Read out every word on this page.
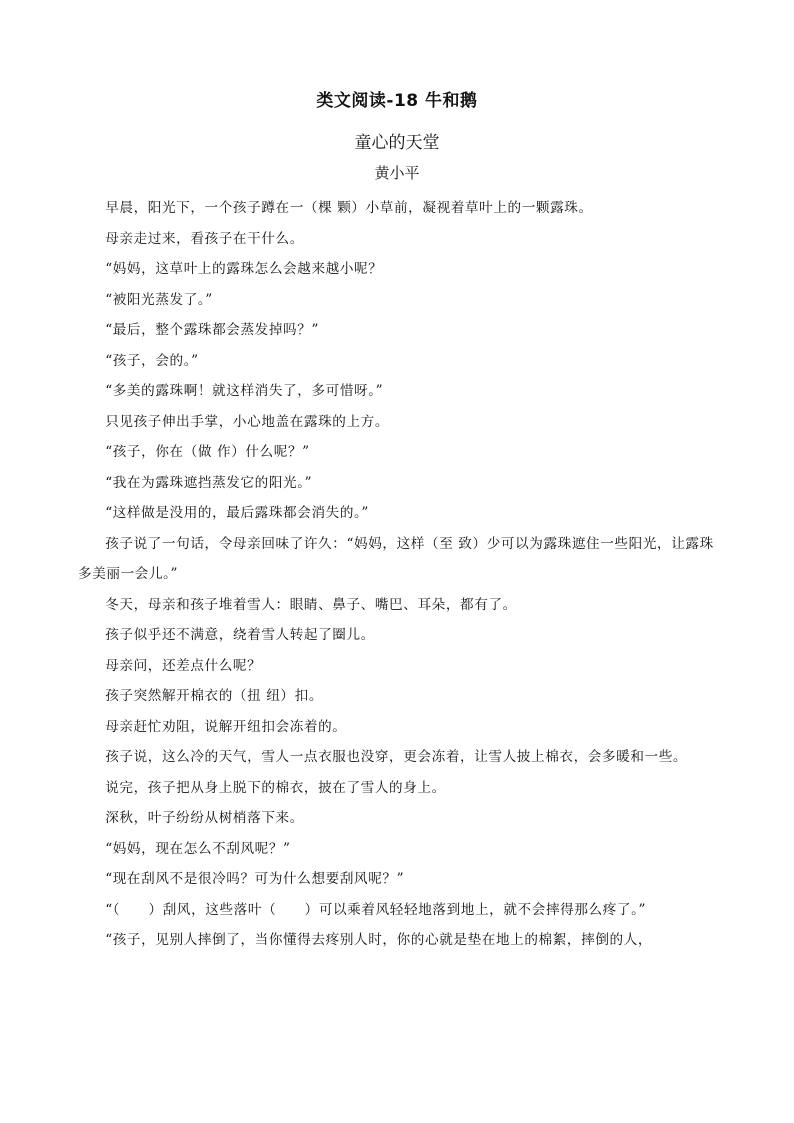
类文阅读-18 牛和鹅
童心的天堂
黄小平

早晨，阳光下，一个孩子蹲在一（棵 颗）小草前，凝视着草叶上的一颗露珠。

母亲走过来，看孩子在干什么。

“妈妈，这草叶上的露珠怎么会越来越小呢？

“被阳光蒸发了。”

“最后，整个露珠都会蒸发掉吗？”

“孩子，会的。”

“多美的露珠啊！就这样消失了，多可惜呀。”

只见孩子伸出手掌，小心地盖在露珠的上方。

“孩子，你在（做 作）什么呢？”

“我在为露珠遮挡蒸发它的阳光。”

“这样做是没用的，最后露珠都会消失的。”

孩子说了一句话，令母亲回味了许久：“妈妈，这样（至 致）少可以为露珠遮住一些阳光，让露珠多美丽一会儿。”

冬天，母亲和孩子堆着雪人：眼睛、鼻子、嘴巴、耳朵，都有了。

孩子似乎还不满意，绕着雪人转起了圈儿。

母亲问，还差点什么呢？

孩子突然解开棉衣的（扭 纽）扣。

母亲赶忙劝阻，说解开纽扣会冻着的。

孩子说，这么冷的天气，雪人一点衣服也没穿，更会冻着，让雪人披上棉衣，会多暖和一些。

说完，孩子把从身上脱下的棉衣，披在了雪人的身上。

深秋，叶子纷纷从树梢落下来。

“妈妈，现在怎么不刮风呢？”

“现在刮风不是很冷吗？可为什么想要刮风呢？”

“（　　）刮风，这些落叶（　　）可以乘着风轻轻地落到地上，就不会摔得那么疼了。”

“孩子，见别人摔倒了，当你懂得去疼别人时，你的心就是垫在地上的棉絮，摔倒的人，
